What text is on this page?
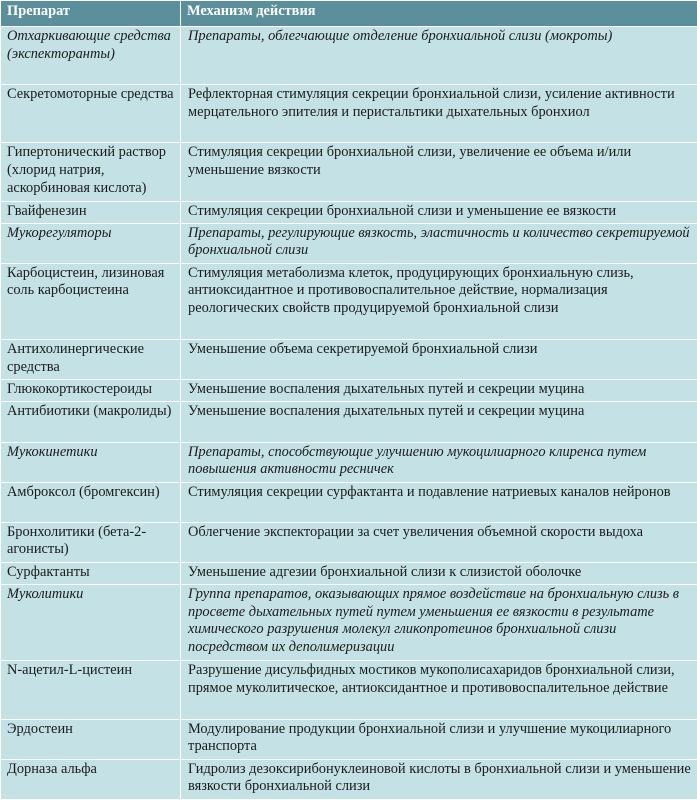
Препарат	Механизм действия
Отхаркивающие средства (экспекторанты)	Препараты, облегчающие отделение бронхиальной слизи (мокроты)
Секретомоторные средства	Рефлекторная стимуляция секреции бронхиальной слизи, усиление активности мерцательного эпителия и перистальтики дыхательных бронхиол
Гипертонический раствор (хлорид натрия, аскорбиновая кислота)	Стимуляция секреции бронхиальной слизи, увеличение ее объема и/или уменьшение вязкости
Гвайфенезин	Стимуляция секреции бронхиальной слизи и уменьшение ее вязкости
Мукорегуляторы	Препараты, регулирующие вязкость, эластичность и количество секретируемой бронхиальной слизи
Карбоцистеин, лизиновая соль карбоцистеина	Стимуляция метаболизма клеток, продуцирующих бронхиальную слизь, антиоксидантное и противовоспалительное действие, нормализация реологических свойств продуцируемой бронхиальной слизи
Антихолинергические средства	Уменьшение объема секретируемой бронхиальной слизи
Глюкокортикостероиды	Уменьшение воспаления дыхательных путей и секреции муцина
Антибиотики (макролиды)	Уменьшение воспаления дыхательных путей и секреции муцина
Мукокинетики	Препараты, способствующие улучшению мукоцилиарного клиренса путем повышения активности ресничек
Амброксол (бромгексин)	Стимуляция секреции сурфактанта и подавление натриевых каналов нейронов
Бронхолитики (бета-2-агонисты)	Облегчение экспекторации за счет увеличения объемной скорости выдоха
Сурфактанты	Уменьшение адгезии бронхиальной слизи к слизистой оболочке
Муколитики	Группа препаратов, оказывающих прямое воздействие на бронхиальную слизь в просвете дыхательных путей путем уменьшения ее вязкости в результате химического разрушения молекул гликопротеинов бронхиальной слизи посредством их деполимеризации
N-ацетил-L-цистеин	Разрушение дисульфидных мостиков мукополисахаридов бронхиальной слизи, прямое муколитическое, антиоксидантное и противовоспалительное действие
Эрдостеин	Модулирование продукции бронхиальной слизи и улучшение мукоцилиарного транспорта
Дорназа альфа	Гидролиз дезоксирибонуклеиновой кислоты в бронхиальной слизи и уменьшение вязкости бронхиальной слизи
